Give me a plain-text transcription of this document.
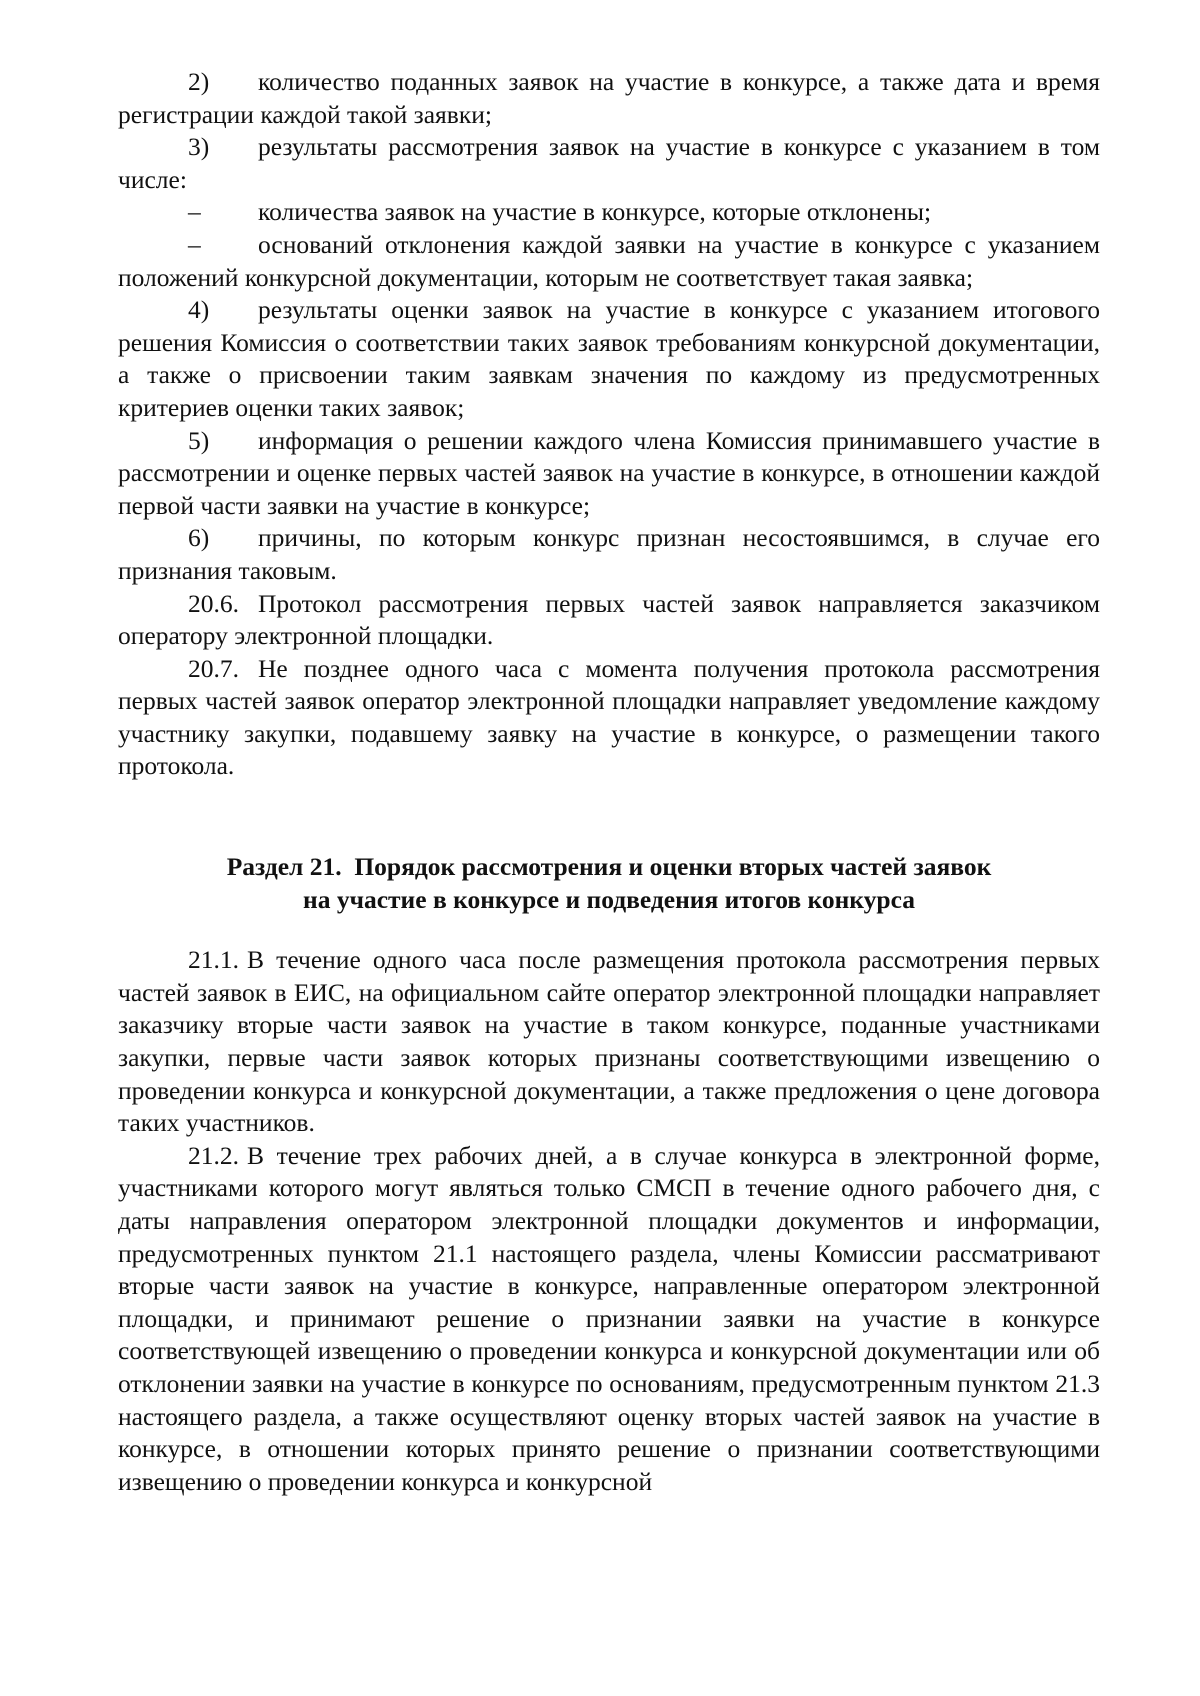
2) количество поданных заявок на участие в конкурсе, а также дата и время регистрации каждой такой заявки;

3) результаты рассмотрения заявок на участие в конкурсе с указанием в том числе:

– количества заявок на участие в конкурсе, которые отклонены;

– оснований отклонения каждой заявки на участие в конкурсе с указанием положений конкурсной документации, которым не соответствует такая заявка;

4) результаты оценки заявок на участие в конкурсе с указанием итогового решения Комиссия о соответствии таких заявок требованиям конкурсной документации, а также о присвоении таким заявкам значения по каждому из предусмотренных критериев оценки таких заявок;

5) информация о решении каждого члена Комиссия принимавшего участие в рассмотрении и оценке первых частей заявок на участие в конкурсе, в отношении каждой первой части заявки на участие в конкурсе;

6) причины, по которым конкурс признан несостоявшимся, в случае его признания таковым.

20.6. Протокол рассмотрения первых частей заявок направляется заказчиком оператору электронной площадки.

20.7. Не позднее одного часа с момента получения протокола рассмотрения первых частей заявок оператор электронной площадки направляет уведомление каждому участнику закупки, подавшему заявку на участие в конкурсе, о размещении такого протокола.

Раздел 21.  Порядок рассмотрения и оценки вторых частей заявок
на участие в конкурсе и подведения итогов конкурса

21.1. В течение одного часа после размещения протокола рассмотрения первых частей заявок в ЕИС, на официальном сайте оператор электронной площадки направляет заказчику вторые части заявок на участие в таком конкурсе, поданные участниками закупки, первые части заявок которых признаны соответствующими извещению о проведении конкурса и конкурсной документации, а также предложения о цене договора таких участников.

21.2. В течение трех рабочих дней, а в случае конкурса в электронной форме, участниками которого могут являться только СМСП в течение одного рабочего дня, с даты направления оператором электронной площадки документов и информации, предусмотренных пунктом 21.1 настоящего раздела, члены Комиссии рассматривают вторые части заявок на участие в конкурсе, направленные оператором электронной площадки, и принимают решение о признании заявки на участие в конкурсе соответствующей извещению о проведении конкурса и конкурсной документации или об отклонении заявки на участие в конкурсе по основаниям, предусмотренным пунктом 21.3 настоящего раздела, а также осуществляют оценку вторых частей заявок на участие в конкурсе, в отношении которых принято решение о признании соответствующими извещению о проведении конкурса и конкурсной
